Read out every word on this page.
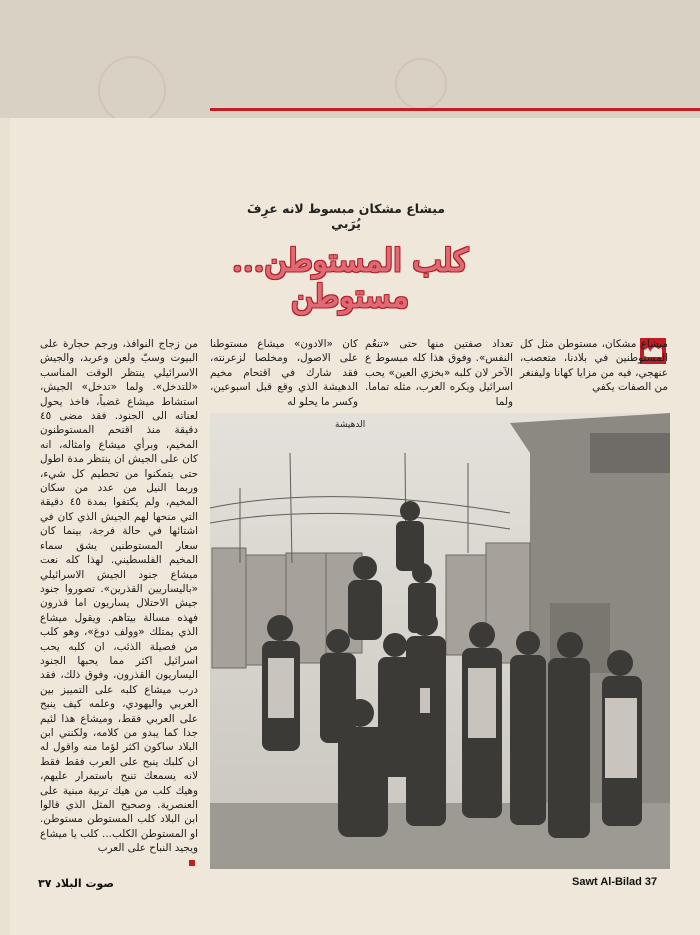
ميشاع مشكان مبسوط لانه عرِفَ يُرَبي
كلب المستوطن... مستوطن

ميشاع مشكان، مستوطن مثل كل المستوطنين في بلادنا، متعصب، عنهجي، فيه من مزايا كهانا وليفنغر من الصفات يكفي

تعداد صفتين منها حتى «تنعُم النفس». وفوق هذا كله مبسوط ع الآخر لان كلبه «بخزي العين» يحب اسرائيل ويكره العرب، مثله تماما. ولما

كان «الادون» ميشاع مستوطنا على الاصول، ومخلصا لزعرنته، فقد شارك في اقتحام مخيم الدهيشة الذي وقع قبل اسبوعين، وكسر ما يحلو له

من زجاج النوافذ، ورجم حجارة على البيوت وسبّ ولعن وعربد، والجيش الاسرائيلي ينتظر الوقت المناسب «للتدخل». ولما «تدخل» الجيش، استشاط ميشاع غضباً، فاخذ يحول لعناته الى الجنود. فقد مضى ٤٥ دقيقة منذ اقتحم المستوطنون المخيم، وبرأي ميشاع وامثاله، انه كان على الجيش ان ينتظر مدة اطول حتى يتمكنوا من تحطيم كل شيء، وربما النيل من عدد من سكان المخيم، ولم يكتفوا بمدة ٤٥ دقيقة التي منحها لهم الجيش الذي كان في اشتائها في حالة فرجة، بينما كان سعار المستوطنين يشق سماء المخيم الفلسطيني. لهذا كله نعت ميشاع جنود الجيش الاسرائيلي «باليساريين القذرين». تصوروا جنود جيش الاحتلال يساريون اما قذرون فهذه مسالة بيتاهم. ويقول ميشاع الذي يمتلك «وولف دوغ»، وهو كلب من فصيلة الذئب، ان كلبه يحب اسرائيل اكثر مما يحبها الجنود اليساريون القذرون، وفوق ذلك، فقد درب ميشاع كلبه على التمييز بين العربي واليهودي، وعلمه كيف ينبح على العربي فقط، وميشاع هذا لئيم جدا كما يبدو من كلامه، ولكنني ابن البلاد ساكون اكثر لؤما منه واقول له ان كلبك ينبح على العرب فقط فقط لانه يسمعك تنبح باستمرار عليهم، وهيك كلب من هيك تربية مبنية على العنصرية. وصحيح المثل الذي قالوا ابن البلاد كلب المستوطن مستوطن. او المستوطن الكلب... كلب يا ميشاع ويجيد النباح على العرب

الدهيشة
صوت البلاد ٣٧	Sawt Al-Bilad 37
